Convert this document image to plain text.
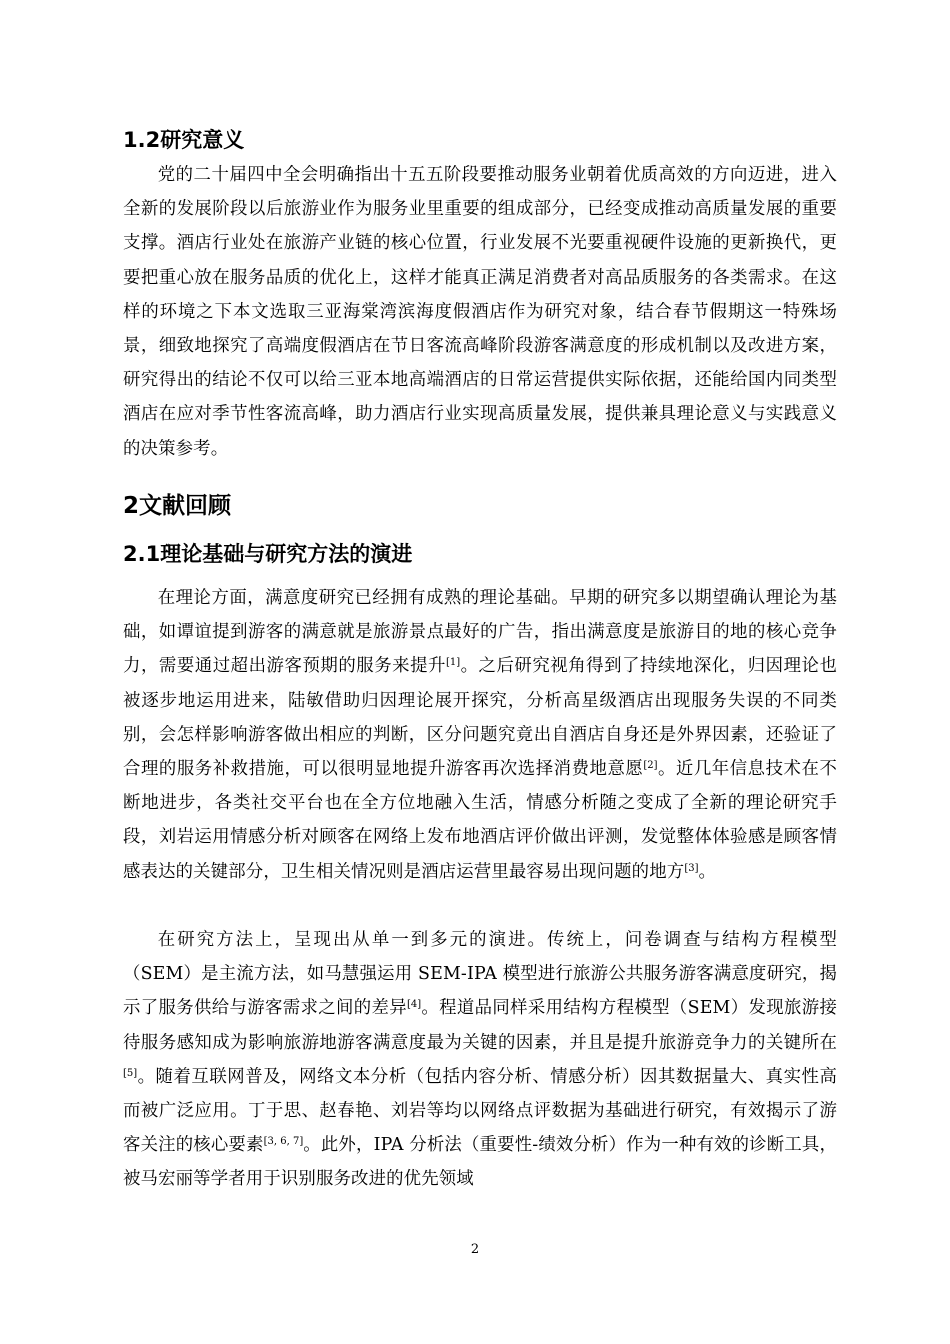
1.2研究意义
党的二十届四中全会明确指出十五五阶段要推动服务业朝着优质高效的方向迈进，进入全新的发展阶段以后旅游业作为服务业里重要的组成部分，已经变成推动高质量发展的重要支撑。酒店行业处在旅游产业链的核心位置，行业发展不光要重视硬件设施的更新换代，更要把重心放在服务品质的优化上，这样才能真正满足消费者对高品质服务的各类需求。在这样的环境之下本文选取三亚海棠湾滨海度假酒店作为研究对象，结合春节假期这一特殊场景，细致地探究了高端度假酒店在节日客流高峰阶段游客满意度的形成机制以及改进方案，研究得出的结论不仅可以给三亚本地高端酒店的日常运营提供实际依据，还能给国内同类型酒店在应对季节性客流高峰，助力酒店行业实现高质量发展，提供兼具理论意义与实践意义的决策参考。
2文献回顾
2.1理论基础与研究方法的演进
在理论方面，满意度研究已经拥有成熟的理论基础。早期的研究多以期望确认理论为基础，如谭谊提到游客的满意就是旅游景点最好的广告，指出满意度是旅游目的地的核心竞争力，需要通过超出游客预期的服务来提升[1]。之后研究视角得到了持续地深化，归因理论也被逐步地运用进来，陆敏借助归因理论展开探究，分析高星级酒店出现服务失误的不同类别，会怎样影响游客做出相应的判断，区分问题究竟出自酒店自身还是外界因素，还验证了合理的服务补救措施，可以很明显地提升游客再次选择消费地意愿[2]。近几年信息技术在不断地进步，各类社交平台也在全方位地融入生活，情感分析随之变成了全新的理论研究手段，刘岩运用情感分析对顾客在网络上发布地酒店评价做出评测，发觉整体体验感是顾客情感表达的关键部分，卫生相关情况则是酒店运营里最容易出现问题的地方[3]。
在研究方法上，呈现出从单一到多元的演进。传统上，问卷调查与结构方程模型（SEM）是主流方法，如马慧强运用 SEM-IPA 模型进行旅游公共服务游客满意度研究，揭示了服务供给与游客需求之间的差异[4]。程道品同样采用结构方程模型（SEM）发现旅游接待服务感知成为影响旅游地游客满意度最为关键的因素，并且是提升旅游竞争力的关键所在[5]。随着互联网普及，网络文本分析（包括内容分析、情感分析）因其数据量大、真实性高而被广泛应用。丁于思、赵春艳、刘岩等均以网络点评数据为基础进行研究，有效揭示了游客关注的核心要素[3, 6, 7]。此外，IPA 分析法（重要性-绩效分析）作为一种有效的诊断工具，被马宏丽等学者用于识别服务改进的优先领域
2
